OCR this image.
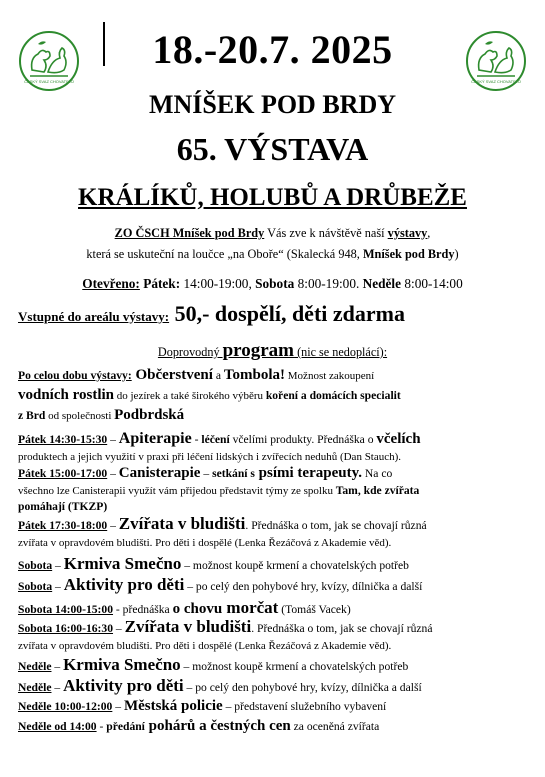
ČESKÝ SVAZ CHOVATELŮ	ČESKÝ SVAZ CHOVATELŮ
18.-20.7. 2025
MNÍŠEK POD BRDY
65. VÝSTAVA
KRÁLÍKŮ, HOLUBŮ A DRŮBEŽE
ZO ČSCH Mníšek pod Brdy Vás zve k návštěvě naší výstavy,
která se uskuteční na loučce „na Oboře“ (Skalecká 948, Mníšek pod Brdy)
Otevřeno: Pátek: 14:00-19:00, Sobota 8:00-19:00. Neděle 8:00-14:00
Vstupné do areálu výstavy: 50,- dospělí, děti zdarma
Doprovodný program (nic se nedoplácí):
Po celou dobu výstavy: Občerstvení a Tombola! Možnost zakoupení
vodních rostlin do jezírek a také širokého výběru koření a domácích specialit
z Brd od společnosti Podbrdská
Pátek 14:30-15:30 – Apiterapie - léčení včelími produkty. Přednáška o včelích
produktech a jejich využití v praxi při léčení lidských i zvířecích neduhů (Dan Stauch).
Pátek 15:00-17:00 – Canisterapie – setkání s psími terapeuty. Na co
všechno lze Canisterapii využít vám přijedou představit týmy ze spolku Tam, kde zvířata
pomáhají (TKZP)
Pátek 17:30-18:00 – Zvířata v bludišti. Přednáška o tom, jak se chovají různá
zvířata v opravdovém bludišti. Pro děti i dospělé (Lenka Řezáčová z Akademie věd).
Sobota – Krmiva Smečno – možnost koupě krmení a chovatelských potřeb
Sobota – Aktivity pro děti – po celý den pohybové hry, kvízy, dílnička a další
Sobota 14:00-15:00 - přednáška o chovu morčat (Tomáš Vacek)
Sobota 16:00-16:30 – Zvířata v bludišti. Přednáška o tom, jak se chovají různá
zvířata v opravdovém bludišti. Pro děti i dospělé (Lenka Řezáčová z Akademie věd).
Neděle – Krmiva Smečno – možnost koupě krmení a chovatelských potřeb
Neděle – Aktivity pro děti – po celý den pohybové hry, kvízy, dílnička a další
Neděle 10:00-12:00 – Městská policie – představení služebního vybavení
Neděle od 14:00 - předání pohárů a čestných cen za oceněná zvířata
